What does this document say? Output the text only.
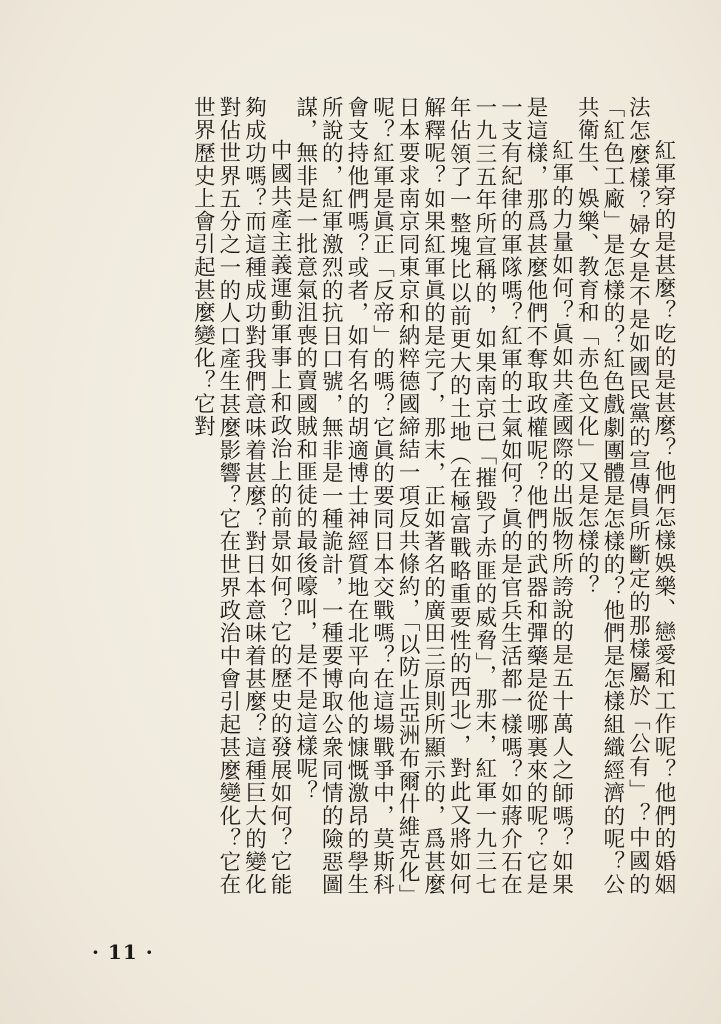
紅軍穿的是甚麼？吃的是甚麼？他們怎樣娛樂、戀愛和工作呢？他們的婚姻法怎麼樣？婦女是不是如國民黨的宣傳員所斷定的那樣屬於「公有」？中國的「紅色工廠」是怎樣的？紅色戲劇團體是怎樣的？他們是怎樣組織經濟的呢？公共衛生、娛樂、教育和「赤色文化」又是怎樣的？

紅軍的力量如何？眞如共產國際的出版物所誇說的是五十萬人之師嗎？如果是這樣，那爲甚麼他們不奪取政權呢？他們的武器和彈藥是從哪裏來的呢？它是一支有紀律的軍隊嗎？紅軍的士氣如何？眞的是官兵生活都一樣嗎？如蔣介石在一九三五年所宣稱的，如果南京已「摧毀了赤匪的威脅」，那末，紅軍一九三七年佔領了一整塊比以前更大的土地（在極富戰略重要性的西北），對此又將如何解釋呢？如果紅軍眞的是完了，那末，正如著名的廣田三原則所顯示的，爲甚麼日本要求南京同東京和納粹德國締結一項反共條約，「以防止亞洲布爾什維克化」呢？紅軍是眞正「反帝」的嗎？它眞的要同日本交戰嗎？在這場戰爭中，莫斯科會支持他們嗎？或者，如有名的胡適博士神經質地在北平向他的慷慨激昂的學生所說的，紅軍激烈的抗日口號，無非是一種詭計，一種要博取公衆同情的險惡圖謀，無非是一批意氣沮喪的賣國賊和匪徒的最後嚎叫，是不是這樣呢？

中國共產主義運動軍事上和政治上的前景如何？它的歷史的發展如何？它能夠成功嗎？而這種成功對我們意味着甚麼？對日本意味着甚麼？這種巨大的變化對佔世界五分之一的人口產生甚麼影響？它在世界政治中會引起甚麼變化？它在世界歷史上會引起甚麼變化？它對

· 11 ·
